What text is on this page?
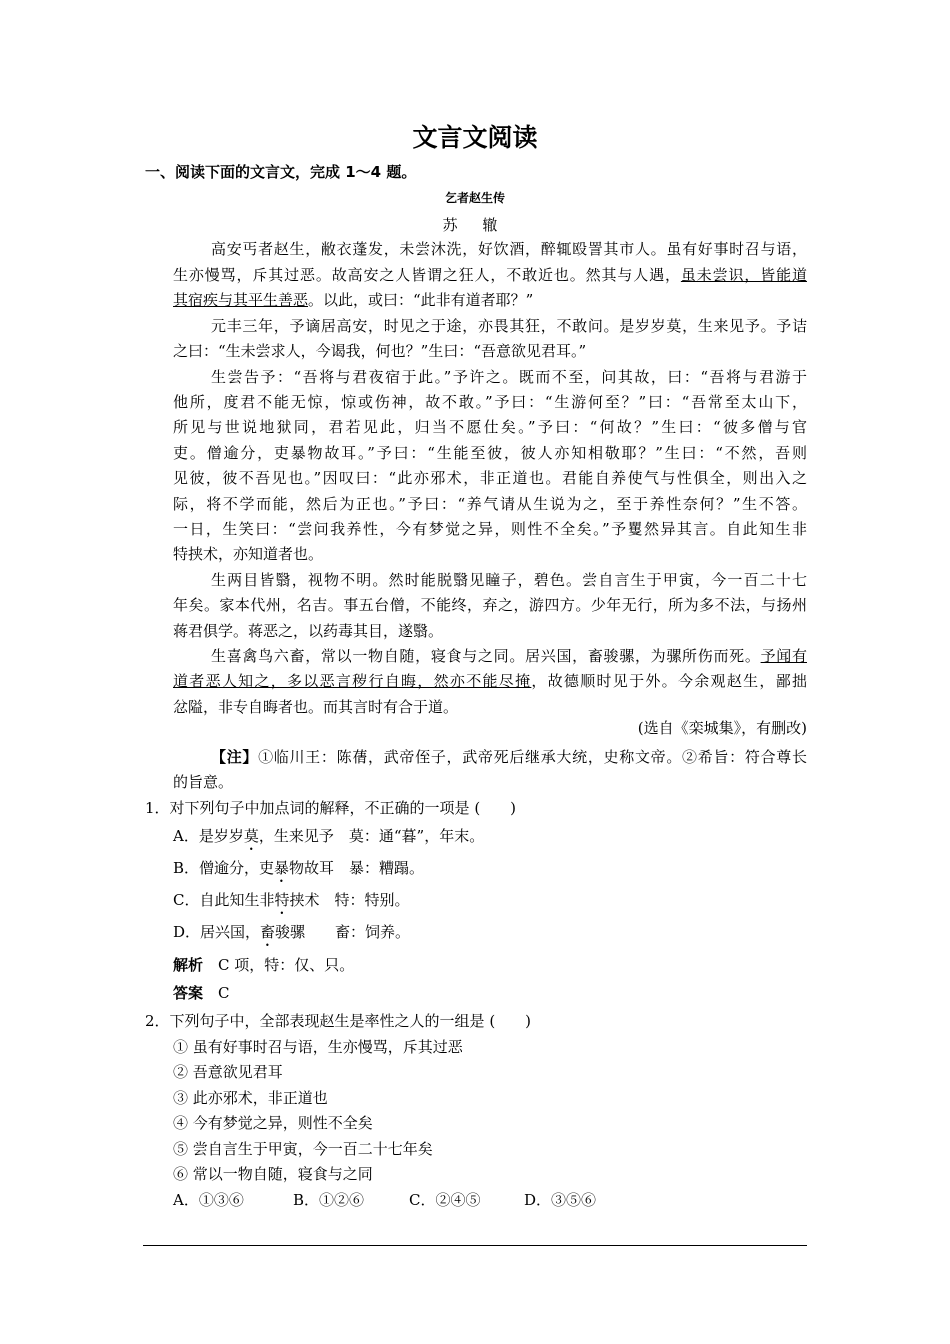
文言文阅读
一、阅读下面的文言文，完成 1～4 题。
乞者赵生传
苏 辙
高安丐者赵生，敝衣蓬发，未尝沐洗，好饮酒，醉辄殴詈其市人。虽有好事时召与语，
生亦慢骂，斥其过恶。故高安之人皆谓之狂人，不敢近也。然其与人遇，虽未尝识，皆能道
其宿疾与其平生善恶。以此，或曰：“此非有道者耶？”
元丰三年，予谪居高安，时见之于途，亦畏其狂，不敢问。是岁岁莫，生来见予。予诘
之曰：“生未尝求人，今谒我，何也？”生曰：“吾意欲见君耳。”
生尝告予：“吾将与君夜宿于此。”予许之。既而不至，问其故，曰：“吾将与君游于
他所，度君不能无惊，惊或伤神，故不敢。”予曰：“生游何至？”曰：“吾常至太山下，
所见与世说地狱同，君若见此，归当不愿仕矣。”予曰：“何故？”生曰：“彼多僧与官
吏。僧逾分，吏暴物故耳。”予曰：“生能至彼，彼人亦知相敬耶？”生曰：“不然，吾则
见彼，彼不吾见也。”因叹曰：“此亦邪术，非正道也。君能自养使气与性俱全，则出入之
际，将不学而能，然后为正也。”予曰：“养气请从生说为之，至于养性奈何？”生不答。
一日，生笑曰：“尝问我养性，今有梦觉之异，则性不全矣。”予矍然异其言。自此知生非
特挟术，亦知道者也。
生两目皆翳，视物不明。然时能脱翳见瞳子，碧色。尝自言生于甲寅，今一百二十七
年矣。家本代州，名吉。事五台僧，不能终，弃之，游四方。少年无行，所为多不法，与扬州
蒋君俱学。蒋恶之，以药毒其目，遂翳。
生喜禽鸟六畜，常以一物自随，寝食与之同。居兴国，畜骏骡，为骡所伤而死。予闻有
道者恶人知之，多以恶言秽行自晦，然亦不能尽掩，故德顺时见于外。今余观赵生，鄙拙
忿隘，非专自晦者也。而其言时有合于道。
(选自《栾城集》，有删改)
【注】①临川王：陈蒨，武帝侄子，武帝死后继承大统，史称文帝。②希旨：符合尊长
的旨意。
1．对下列句子中加点词的解释，不正确的一项是 (　　)
A．是岁岁莫，生来见予　莫：通“暮”，年末。
B．僧逾分，吏暴物故耳　暴：糟蹋。
C．自此知生非特挟术　特：特别。
D．居兴国，畜骏骡　　畜：饲养。
解析　C 项，特：仅、只。
答案　C
2．下列句子中，全部表现赵生是率性之人的一组是 (　　)
① 虽有好事时召与语，生亦慢骂，斥其过恶
② 吾意欲见君耳
③ 此亦邪术，非正道也
④ 今有梦觉之异，则性不全矣
⑤ 尝自言生于甲寅，今一百二十七年矣
⑥ 常以一物自随，寝食与之同
A．①③⑥	B．①②⑥	C．②④⑤	D．③⑤⑥
